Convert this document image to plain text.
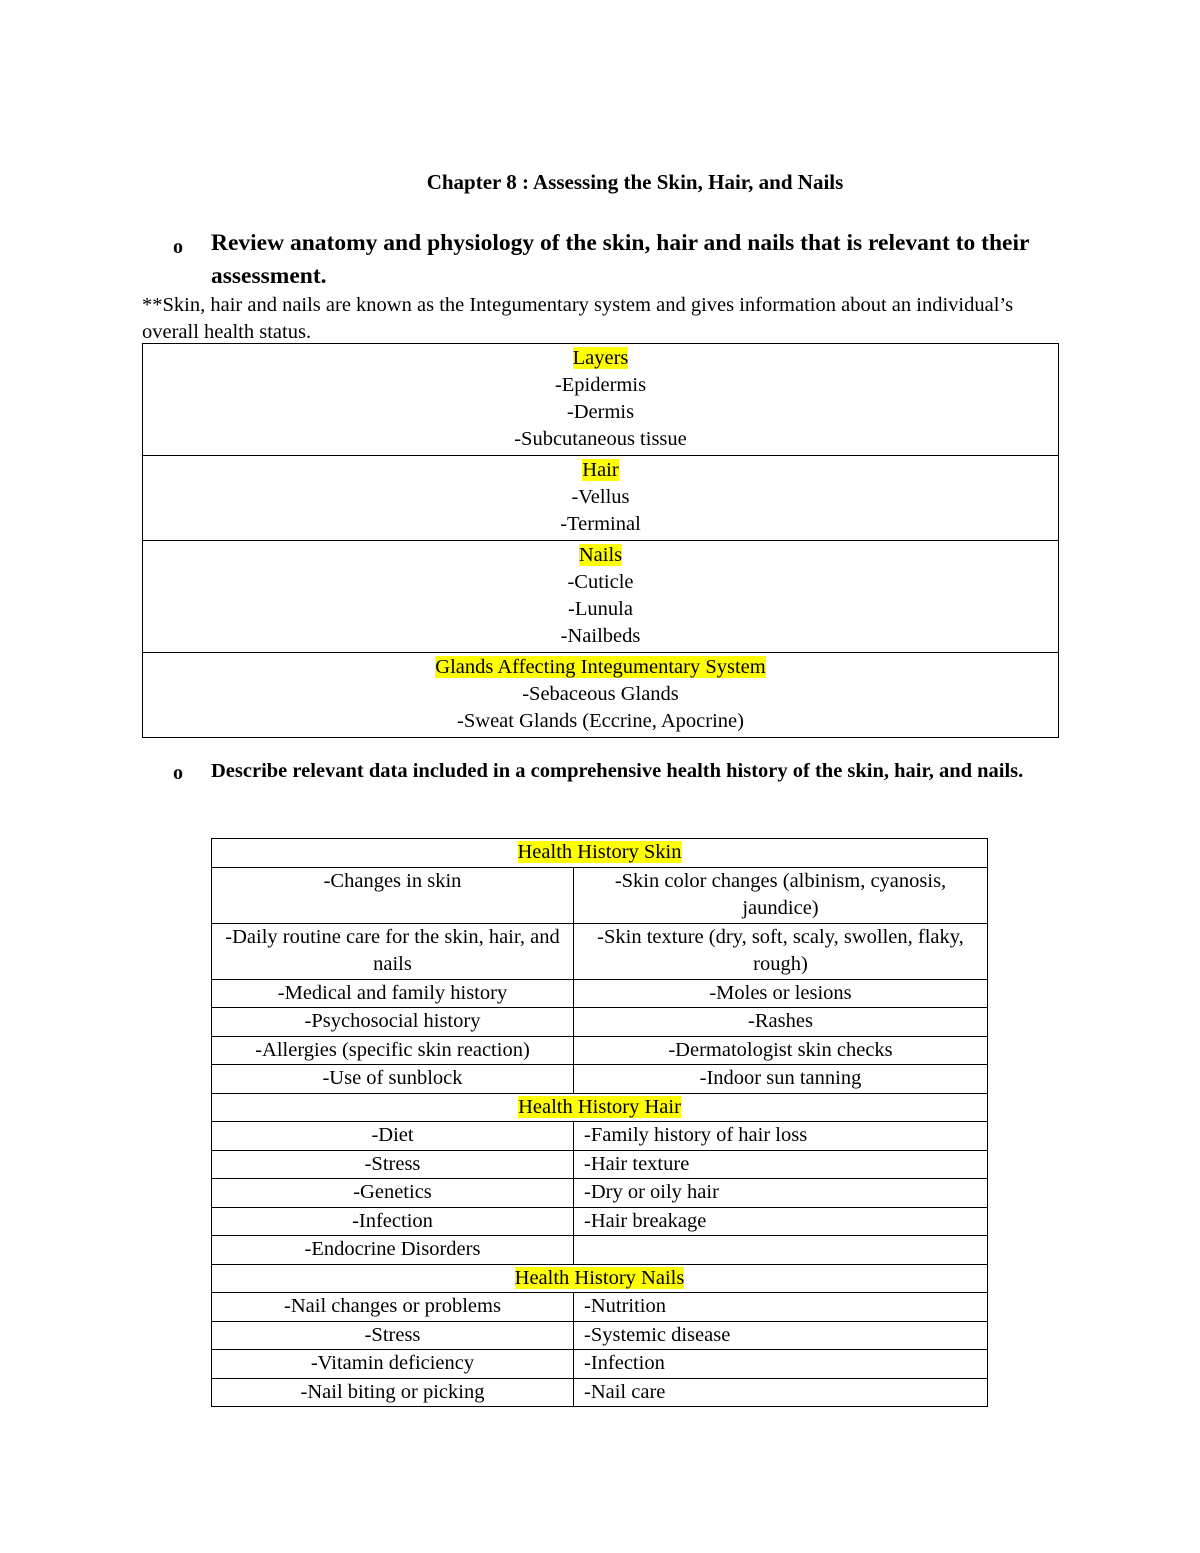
Chapter 8 : Assessing the Skin, Hair, and Nails
o	Review anatomy and physiology of the skin, hair and nails that is relevant to their assessment.
**Skin, hair and nails are known as the Integumentary system and gives information about an individual’s overall health status.
Layers
-Epidermis
-Dermis
-Subcutaneous tissue
Hair
-Vellus
-Terminal
Nails
-Cuticle
-Lunula
-Nailbeds
Glands Affecting Integumentary System
-Sebaceous Glands
-Sweat Glands (Eccrine, Apocrine)
o	Describe relevant data included in a comprehensive health history of the skin, hair, and nails.
Health History Skin	
-Changes in skin	-Skin color changes (albinism, cyanosis, jaundice)
-Daily routine care for the skin, hair, and nails	-Skin texture (dry, soft, scaly, swollen, flaky, rough)
-Medical and family history	-Moles or lesions
-Psychosocial history	-Rashes
-Allergies (specific skin reaction)	-Dermatologist skin checks
-Use of sunblock	-Indoor sun tanning
Health History Hair	
-Diet	-Family history of hair loss
-Stress	-Hair texture
-Genetics	-Dry or oily hair
-Infection	-Hair breakage
-Endocrine Disorders	
Health History Nails	
-Nail changes or problems	-Nutrition
-Stress	-Systemic disease
-Vitamin deficiency	-Infection
-Nail biting or picking	-Nail care
